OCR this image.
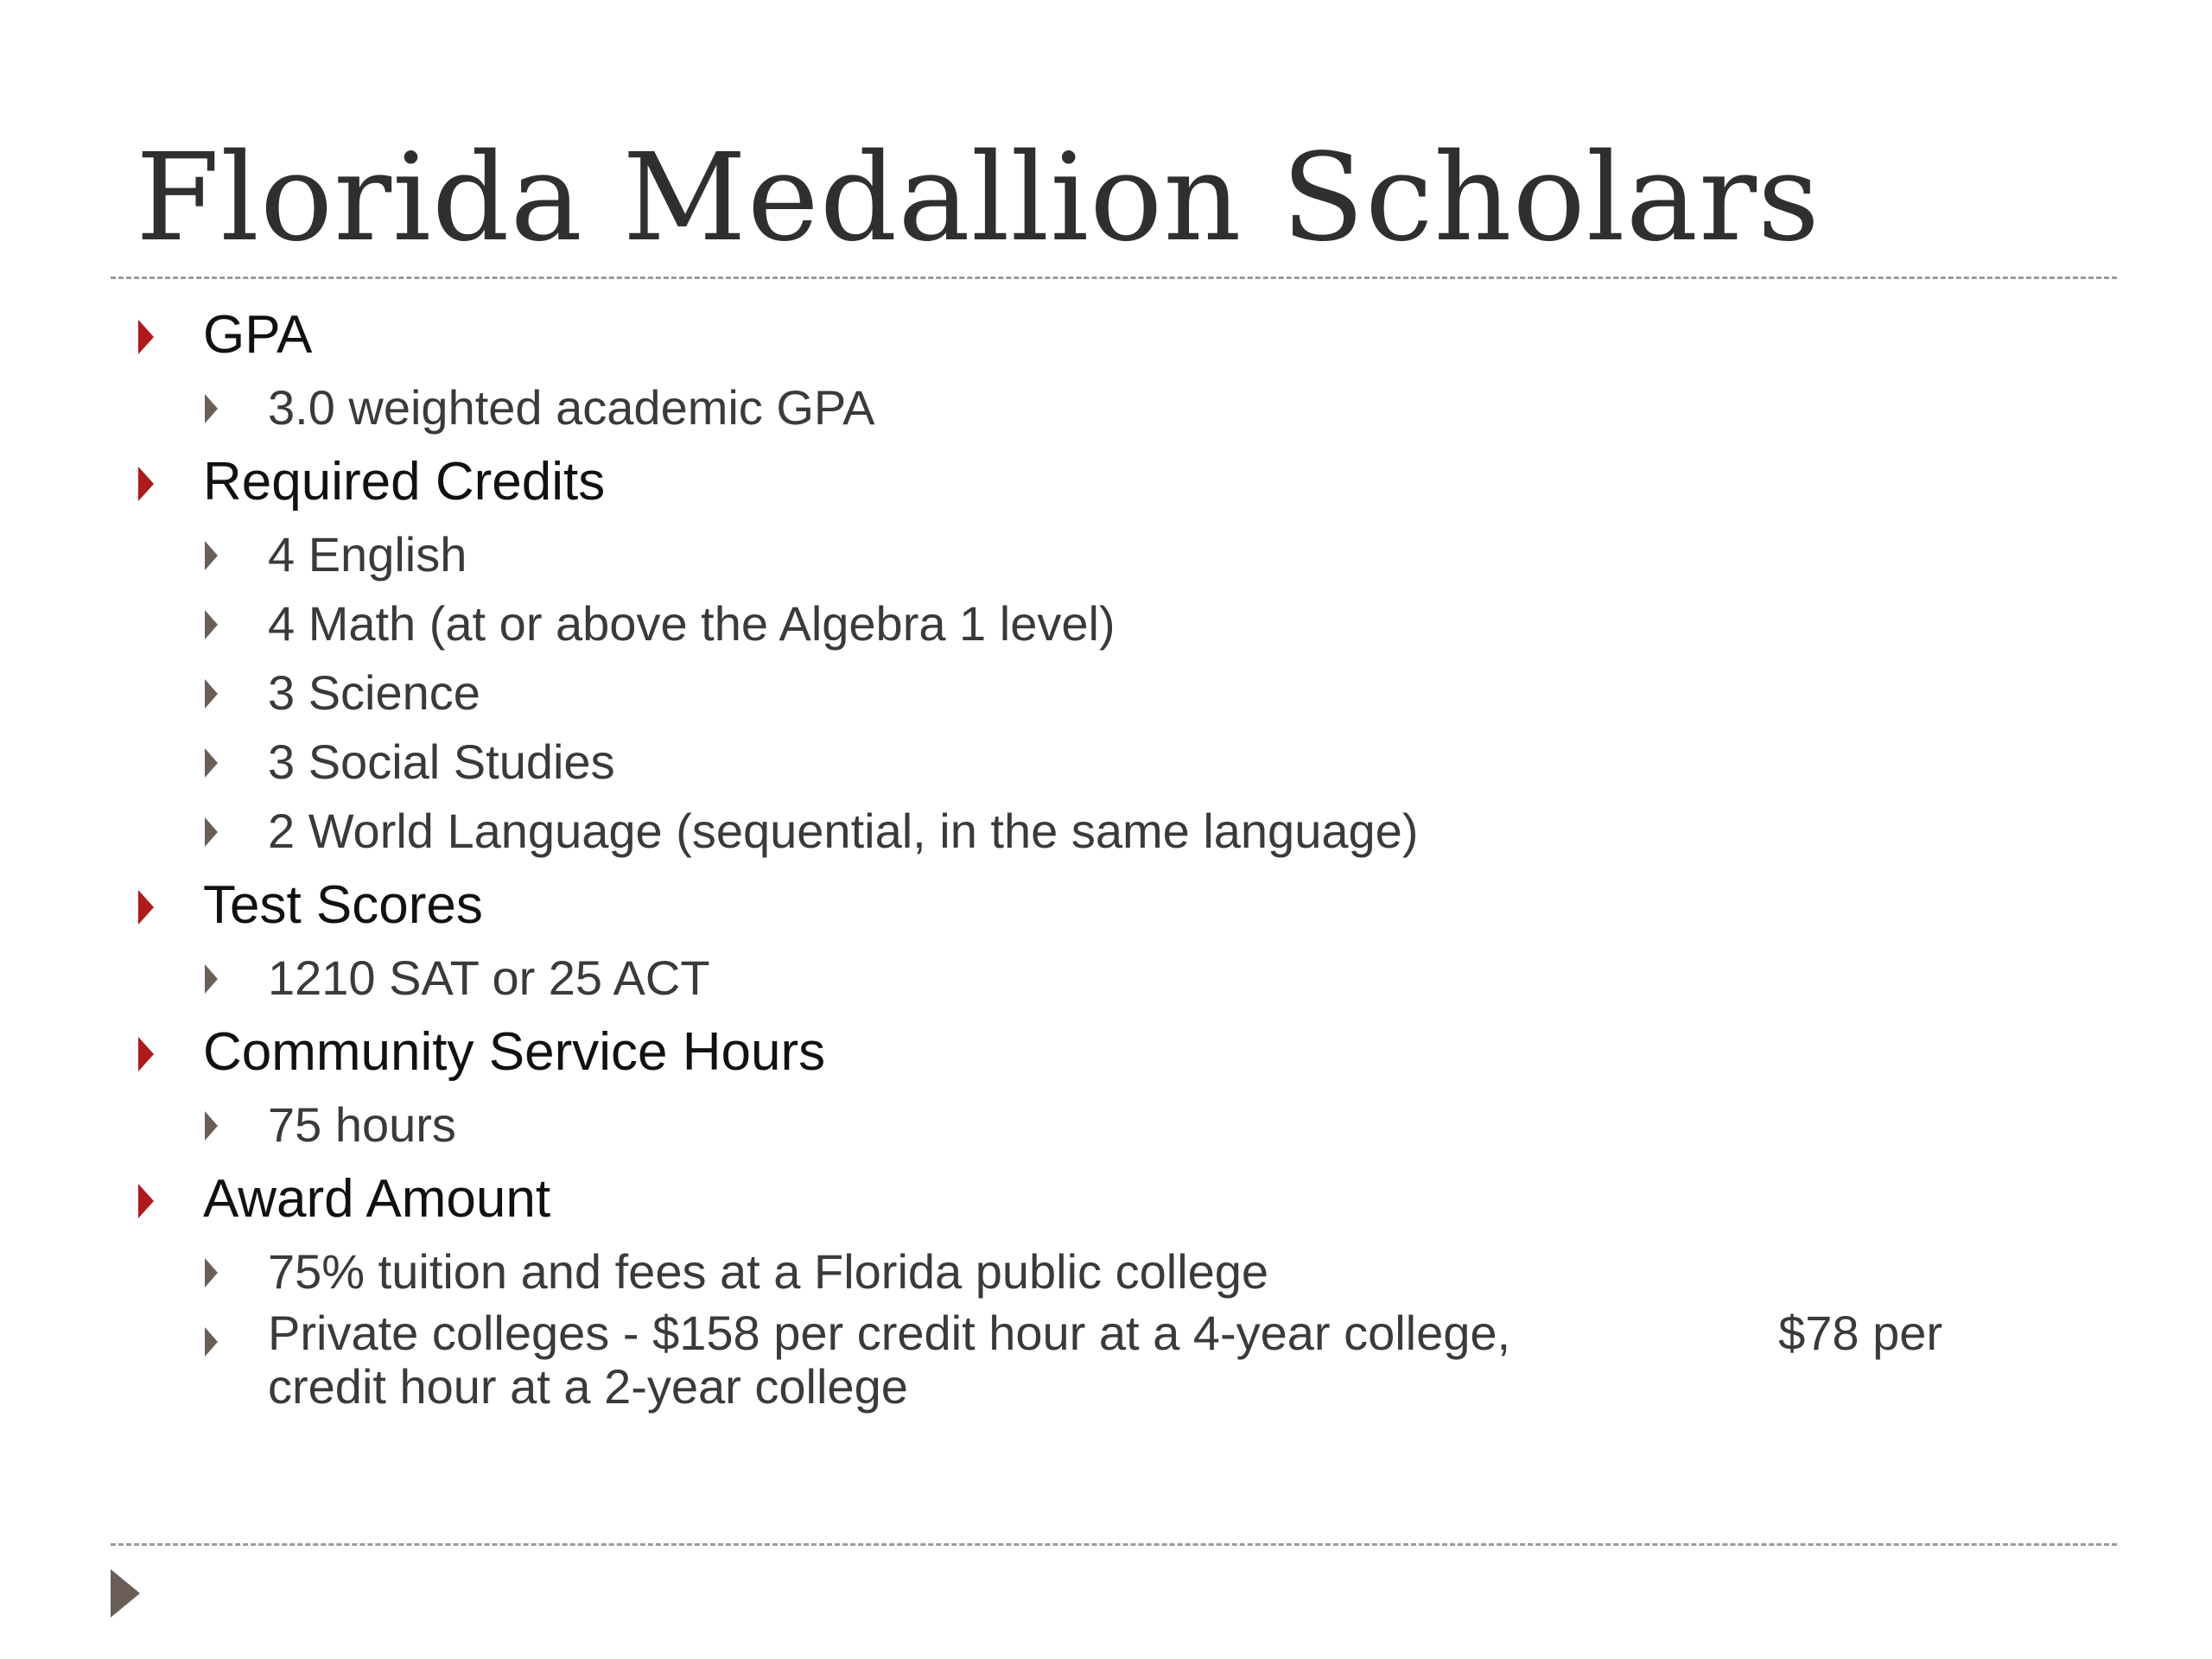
Florida Medallion Scholars
GPA
3.0 weighted academic GPA
Required Credits
4 English
4 Math (at or above the Algebra 1 level)
3 Science
3 Social Studies
2 World Language (sequential, in the same language)
Test Scores
1210 SAT or 25 ACT
Community Service Hours
75 hours
Award Amount
75% tuition and fees at a Florida public college
Private colleges - $158 per credit hour at a 4-year college,	$78 per
credit hour at a 2-year college
